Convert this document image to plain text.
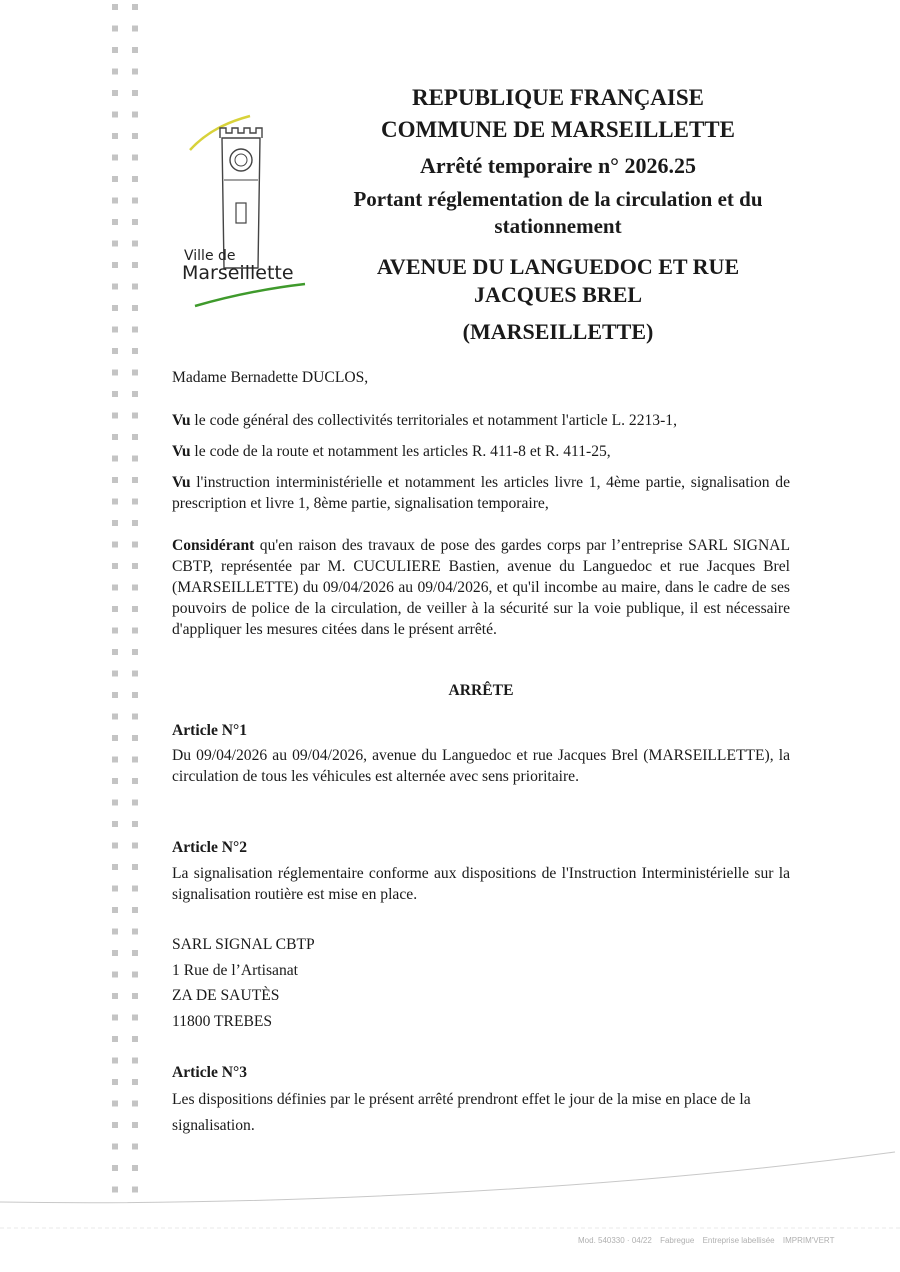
Ville de
Marseillette
REPUBLIQUE FRANÇAISE
COMMUNE DE MARSEILLETTE
Arrêté temporaire n° 2026.25
Portant réglementation de la circulation et du stationnement
AVENUE DU LANGUEDOC ET RUE JACQUES BREL
(MARSEILLETTE)
Madame Bernadette DUCLOS,
Vu le code général des collectivités territoriales et notamment l'article L. 2213-1,
Vu le code de la route et notamment les articles R. 411-8 et R. 411-25,
Vu l'instruction interministérielle et notamment les articles livre 1, 4ème partie, signalisation de prescription et livre 1, 8ème partie, signalisation temporaire,
Considérant qu'en raison des travaux de pose des gardes corps par l’entreprise SARL SIGNAL CBTP, représentée par M. CUCULIERE Bastien, avenue du Languedoc et rue Jacques Brel (MARSEILLETTE) du 09/04/2026 au 09/04/2026, et qu'il incombe au maire, dans le cadre de ses pouvoirs de police de la circulation, de veiller à la sécurité sur la voie publique, il est nécessaire d'appliquer les mesures citées dans le présent arrêté.
ARRÊTE
Article N°1
Du 09/04/2026 au 09/04/2026, avenue du Languedoc et rue Jacques Brel (MARSEILLETTE), la circulation de tous les véhicules est alternée avec sens prioritaire.
Article N°2
La signalisation réglementaire conforme aux dispositions de l'Instruction Interministérielle sur la signalisation routière est mise en place.
SARL SIGNAL CBTP
1 Rue de l’Artisanat
ZA DE SAUTÈS
11800 TREBES
Article N°3
Les dispositions définies par le présent arrêté prendront effet le jour de la mise en place de la signalisation.
Mod. 540330 · 04/22 Fabregue Entreprise labellisée IMPRIM'VERT
